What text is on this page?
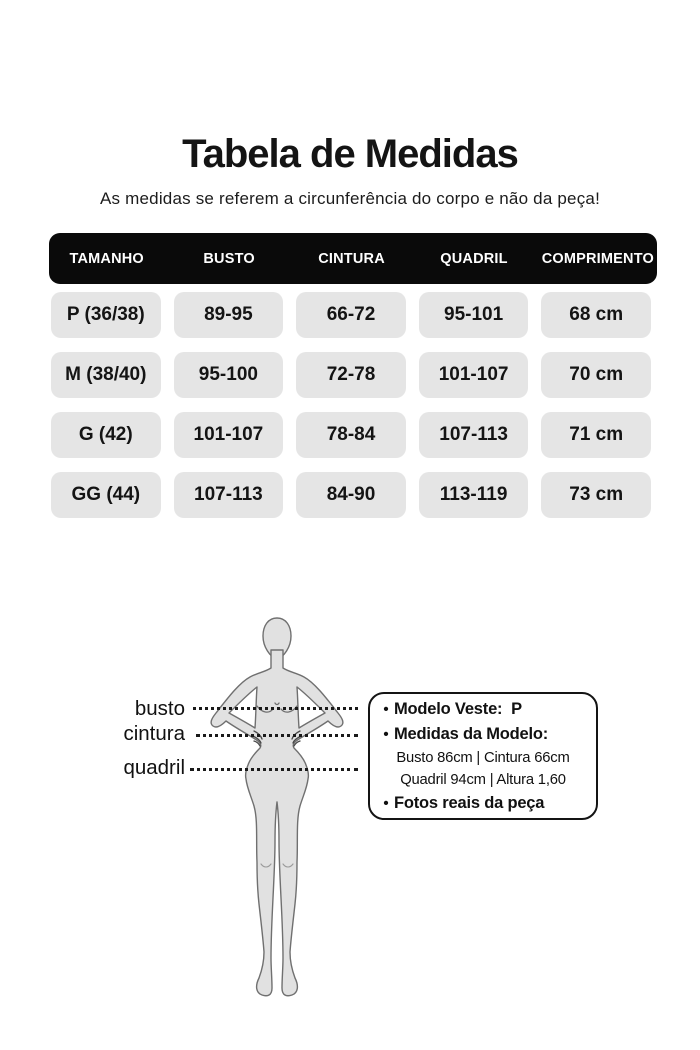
Tabela de Medidas

As medidas se referem a circunferência do corpo e não da peça!

TAMANHO	BUSTO	CINTURA	QUADRIL	COMPRIMENTO
P (36/38)	89-95	66-72	95-101	68 cm
M (38/40)	95-100	72-78	101-107	70 cm
G (42)	101-107	78-84	107-113	71 cm
GG (44)	107-113	84-90	113-119	73 cm
busto
cintura
quadril
• Modelo Veste:  P
• Medidas da Modelo:
Busto 86cm | Cintura 66cm
Quadril 94cm | Altura 1,60
• Fotos reais da peça
